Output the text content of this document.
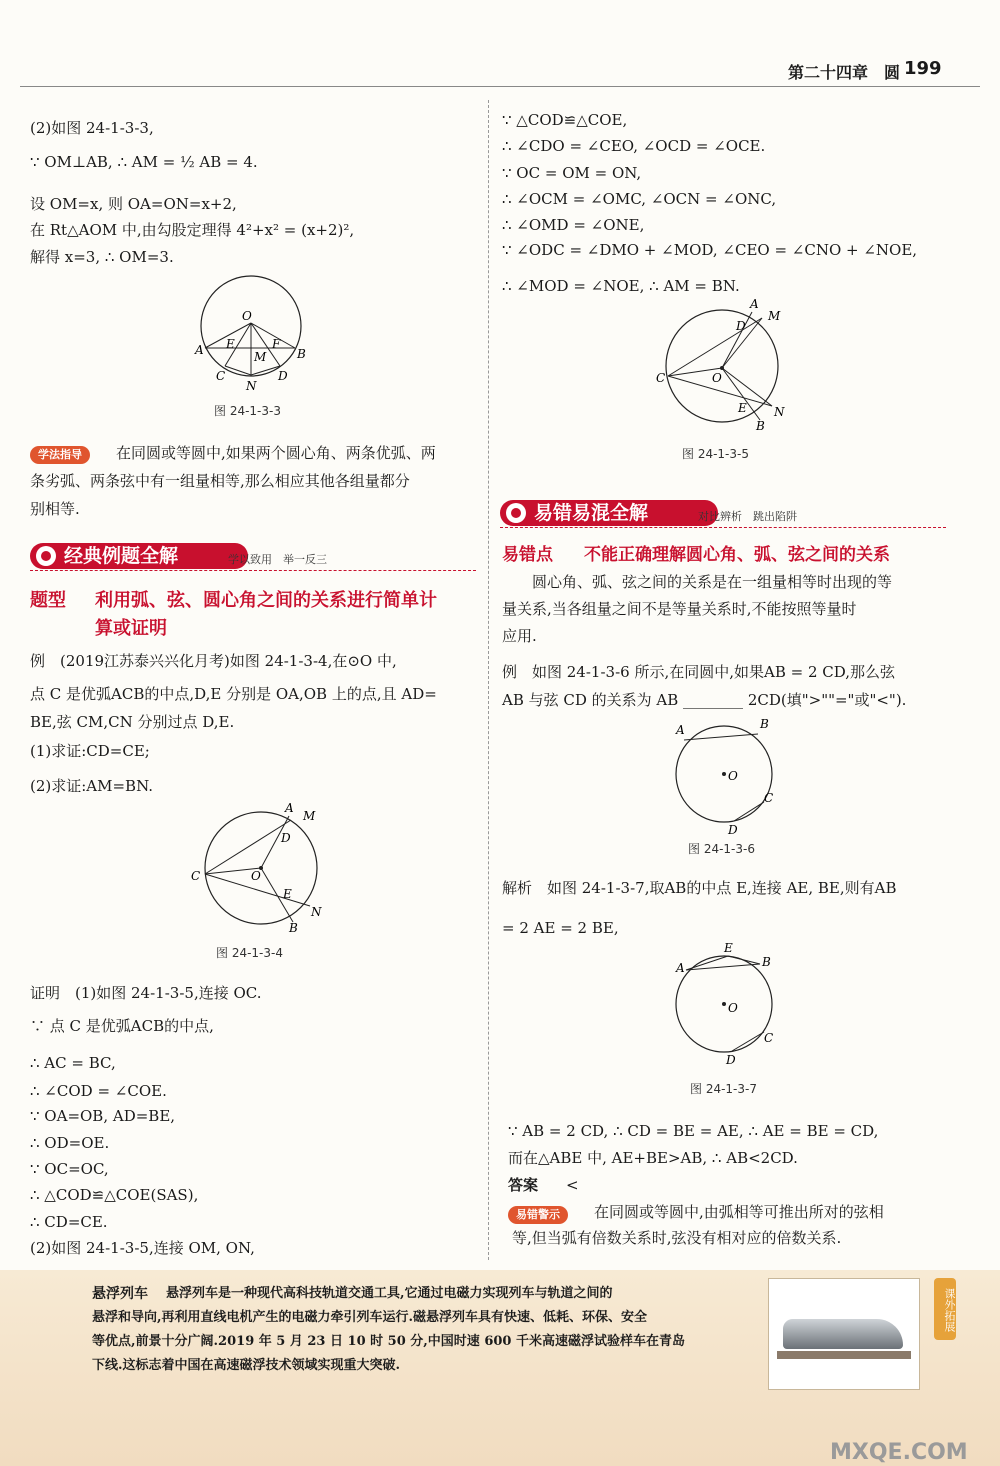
第二十四章　圆 199
(2)如图 24-1-3-3,
∵ OM⊥AB, ∴ AM = ½ AB = 4.
设 OM=x, 则 OA=ON=x+2,
在 Rt△AOM 中,由勾股定理得 4²+x² = (x+2)²,
解得 x=3, ∴ OM=3.
O
A E
M
F
B
C
N
D
图 24-1-3-3
学法指导	在同圆或等圆中,如果两个圆心角、两条优弧、两
条劣弧、两条弦中有一组量相等,那么相应其他各组量都分
别相等.
经典例题全解	学以致用　举一反三
题型 利用弧、弦、圆心角之间的关系进行简单计
算或证明
例　(2019江苏泰兴兴化月考)如图 24-1-3-4,在⊙O 中,
点 C 是优弧ACB的中点,D,E 分别是 OA,OB 上的点,且 AD=
BE,弦 CM,CN 分别过点 D,E.
(1)求证:CD=CE;
(2)求证:AM=BN.
A
M
D
C	O
E
B
N
图 24-1-3-4
证明　(1)如图 24-1-3-5,连接 OC.
∵ 点 C 是优弧ACB的中点,
∴ AC = BC,
∴ ∠COD = ∠COE.
∵ OA=OB, AD=BE,
∴ OD=OE.
∵ OC=OC,
∴ △COD≌△COE(SAS),
∴ CD=CE.
(2)如图 24-1-3-5,连接 OM, ON,
∵ △COD≌△COE,
∴ ∠CDO = ∠CEO, ∠OCD = ∠OCE.
∵ OC = OM = ON,
∴ ∠OCM = ∠OMC, ∠OCN = ∠ONC,
∴ ∠OMD = ∠ONE,
∵ ∠ODC = ∠DMO + ∠MOD, ∠CEO = ∠CNO + ∠NOE,
∴ ∠MOD = ∠NOE, ∴ AM = BN.
A
M
D
C	O
E
B
N
图 24-1-3-5
易错易混全解	对比辨析　跳出陷阱
易错点 不能正确理解圆心角、弧、弦之间的关系
圆心角、弧、弦之间的关系是在一组量相等时出现的等
量关系,当各组量之间不是等量关系时,不能按照等量时
应用.
例　如图 24-1-3-6 所示,在同圆中,如果AB = 2 CD,那么弦
AB 与弦 CD 的关系为 AB ________ 2CD(填">""="或"<").
A	B
O
C
D
图 24-1-3-6
解析　如图 24-1-3-7,取AB的中点 E,连接 AE, BE,则有AB
= 2 AE = 2 BE,
E
A	B
O
C
D
图 24-1-3-7
∵ AB = 2 CD, ∴ CD = BE = AE, ∴ AE = BE = CD,
而在△ABE 中, AE+BE>AB, ∴ AB<2CD.
答案 <
易错警示	在同圆或等圆中,由弧相等可推出所对的弦相
等,但当弧有倍数关系时,弦没有相对应的倍数关系.
悬浮列车 悬浮列车是一种现代高科技轨道交通工具,它通过电磁力实现列车与轨道之间的
悬浮和导向,再利用直线电机产生的电磁力牵引列车运行.磁悬浮列车具有快速、低耗、环保、安全
等优点,前景十分广阔.2019 年 5 月 23 日 10 时 50 分,中国时速 600 千米高速磁浮试验样车在青岛
下线.这标志着中国在高速磁浮技术领域实现重大突破.
课外拓展
MXQE.COM
